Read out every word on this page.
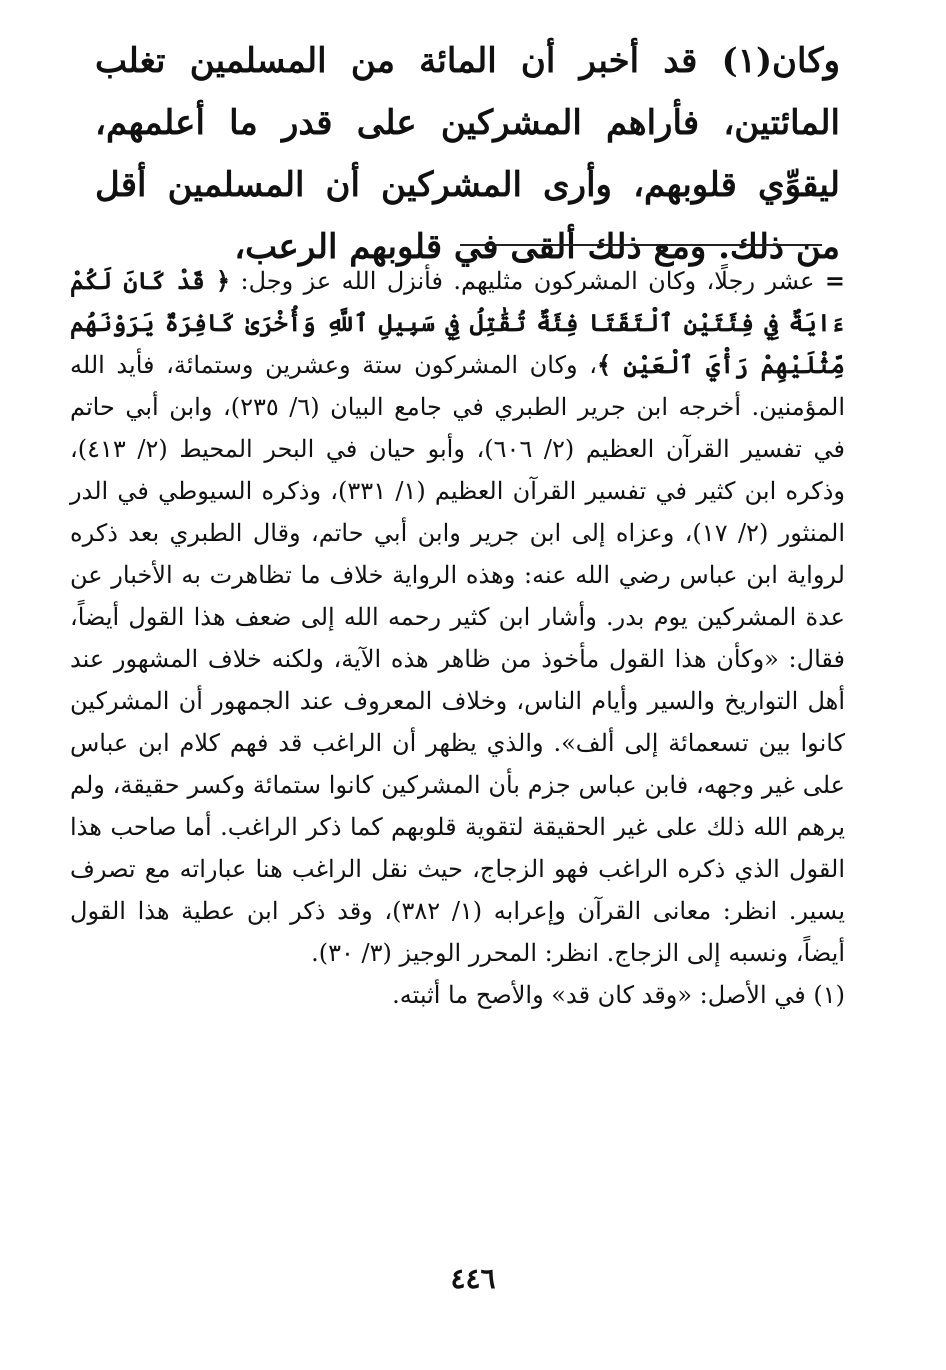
وكان(١) قد أخبر أن المائة من المسلمين تغلب المائتين، فأراهم المشركين على قدر ما أعلمهم، ليقوِّي قلوبهم، وأرى المشركين أن المسلمين أقل من ذلك. ومع ذلك ألقى في قلوبهم الرعب،

= عشر رجلًا، وكان المشركون مثليهم. فأنزل الله عز وجل: ﴿ قَدْ كَانَ لَكُمْ ءَايَةٌ فِي فِئَتَيْنِ ٱلْتَقَتَا فِئَةٌ تُقَٰتِلُ فِي سَبِيلِ ٱللَّهِ وَأُخْرَىٰ كَافِرَةٌ يَرَوْنَهُم مِّثْلَيْهِمْ رَأْيَ ٱلْعَيْنِ ﴾، وكان المشركون ستة وعشرين وستمائة، فأيد الله المؤمنين. أخرجه ابن جرير الطبري في جامع البيان (٦/ ٢٣٥)، وابن أبي حاتم في تفسير القرآن العظيم (٢/ ٦٠٦)، وأبو حيان في البحر المحيط (٢/ ٤١٣)، وذكره ابن كثير في تفسير القرآن العظيم (١/ ٣٣١)، وذكره السيوطي في الدر المنثور (٢/ ١٧)، وعزاه إلى ابن جرير وابن أبي حاتم، وقال الطبري بعد ذكره لرواية ابن عباس رضي الله عنه: وهذه الرواية خلاف ما تظاهرت به الأخبار عن عدة المشركين يوم بدر. وأشار ابن كثير رحمه الله إلى ضعف هذا القول أيضاً، فقال: «وكأن هذا القول مأخوذ من ظاهر هذه الآية، ولكنه خلاف المشهور عند أهل التواريخ والسير وأيام الناس، وخلاف المعروف عند الجمهور أن المشركين كانوا بين تسعمائة إلى ألف». والذي يظهر أن الراغب قد فهم كلام ابن عباس على غير وجهه، فابن عباس جزم بأن المشركين كانوا ستمائة وكسر حقيقة، ولم يرهم الله ذلك على غير الحقيقة لتقوية قلوبهم كما ذكر الراغب. أما صاحب هذا القول الذي ذكره الراغب فهو الزجاج، حيث نقل الراغب هنا عباراته مع تصرف يسير. انظر: معانى القرآن وإعرابه (١/ ٣٨٢)، وقد ذكر ابن عطية هذا القول أيضاً، ونسبه إلى الزجاج. انظر: المحرر الوجيز (٣/ ٣٠).

(١) في الأصل: «وقد كان قد» والأصح ما أثبته.

٤٤٦
